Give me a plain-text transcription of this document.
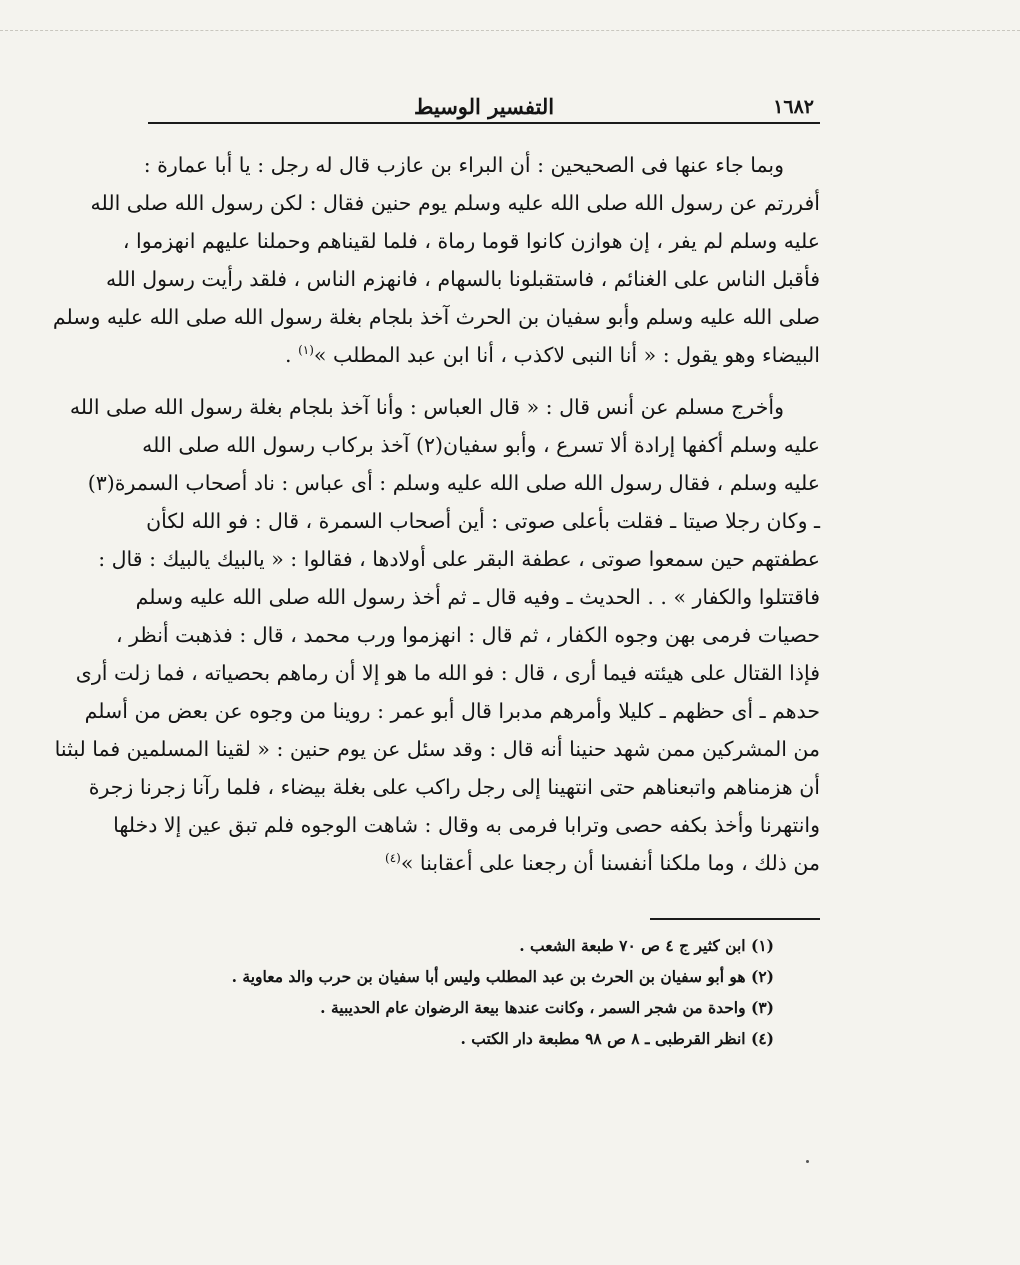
١٦٨٢
التفسير الوسيط
وبما جاء عنها فى الصحيحين : أن البراء بن عازب قال له رجل : يا أبا عمارة :
أفررتم عن رسول الله صلى الله عليه وسلم يوم حنين فقال : لكن رسول الله صلى الله
عليه وسلم لم يفر ، إن هوازن كانوا قوما رماة ، فلما لقيناهم وحملنا عليهم انهزموا ،
فأقبل الناس على الغنائم ، فاستقبلونا بالسهام ، فانهزم الناس ، فلقد رأيت رسول الله
صلى الله عليه وسلم وأبو سفيان بن الحرث آخذ بلجام بغلة رسول الله صلى الله عليه وسلم
البيضاء وهو يقول : « أنا النبى لاكذب ، أنا ابن عبد المطلب »$^{(١)}$ .
وأخرج مسلم عن أنس قال : « قال العباس : وأنا آخذ بلجام بغلة رسول الله صلى الله
عليه وسلم أكفها إرادة ألا تسرع ، وأبو سفيان(٢) آخذ بركاب رسول الله صلى الله
عليه وسلم ، فقال رسول الله صلى الله عليه وسلم : أى عباس : ناد أصحاب السمرة(٣)
ـ وكان رجلا صيتا ـ فقلت بأعلى صوتى : أين أصحاب السمرة ، قال : فو الله لكأن
عطفتهم حين سمعوا صوتى ، عطفة البقر على أولادها ، فقالوا : « يالبيك يالبيك : قال :
فاقتتلوا والكفار » . . الحديث ـ وفيه قال ـ ثم أخذ رسول الله صلى الله عليه وسلم
حصيات فرمى بهن وجوه الكفار ، ثم قال : انهزموا ورب محمد ، قال : فذهبت أنظر ،
فإذا القتال على هيئته فيما أرى ، قال : فو الله ما هو إلا أن رماهم بحصياته ، فما زلت أرى
حدهم ـ أى حظهم ـ كليلا وأمرهم مدبرا قال أبو عمر : روينا من وجوه عن بعض من أسلم
من المشركين ممن شهد حنينا أنه قال : وقد سئل عن يوم حنين : « لقينا المسلمين فما لبثنا
أن هزمناهم واتبعناهم حتى انتهينا إلى رجل راكب على بغلة بيضاء ، فلما رآنا زجرنا زجرة
وانتهرنا وأخذ بكفه حصى وترابا فرمى به وقال : شاهت الوجوه فلم تبق عين إلا دخلها
من ذلك ، وما ملكنا أنفسنا أن رجعنا على أعقابنا »$^{(٤)}$
(١) ابن كثير ج ٤ ص ٧٠ طبعة الشعب .
(٢) هو أبو سفيان بن الحرث بن عبد المطلب وليس أبا سفيان بن حرب والد معاوية .
(٣) واحدة من شجر السمر ، وكانت عندها بيعة الرضوان عام الحديبية .
(٤) انظر القرطبى ـ ٨ ص ٩٨ مطبعة دار الكتب .
